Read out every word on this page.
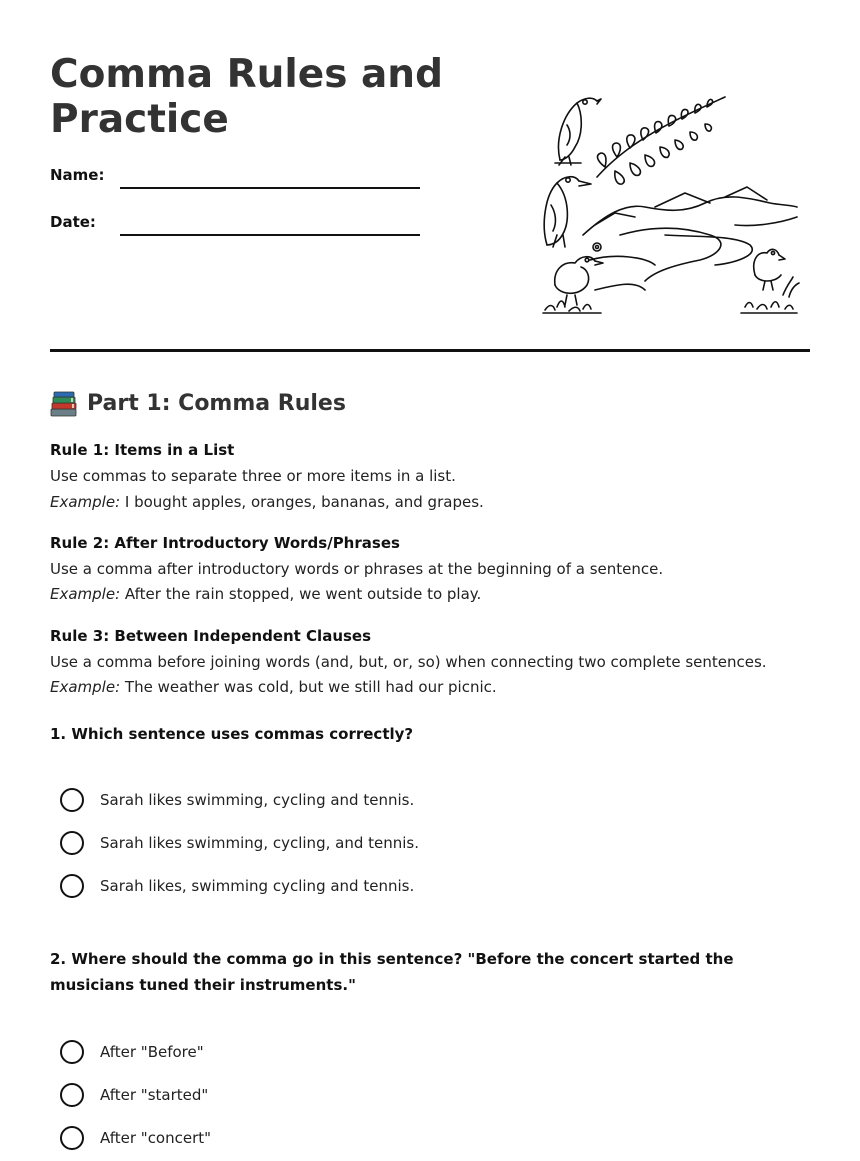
Comma Rules and Practice
Name:
Date:
Part 1: Comma Rules
Rule 1: Items in a List
Use commas to separate three or more items in a list.
Example: I bought apples, oranges, bananas, and grapes.
Rule 2: After Introductory Words/Phrases
Use a comma after introductory words or phrases at the beginning of a sentence.
Example: After the rain stopped, we went outside to play.
Rule 3: Between Independent Clauses
Use a comma before joining words (and, but, or, so) when connecting two complete sentences.
Example: The weather was cold, but we still had our picnic.

1. Which sentence uses commas correctly?

Sarah likes swimming, cycling and tennis.
Sarah likes swimming, cycling, and tennis.
Sarah likes, swimming cycling and tennis.

2. Where should the comma go in this sentence? "Before the concert started the musicians tuned their instruments."

After "Before"
After "started"
After "concert"
